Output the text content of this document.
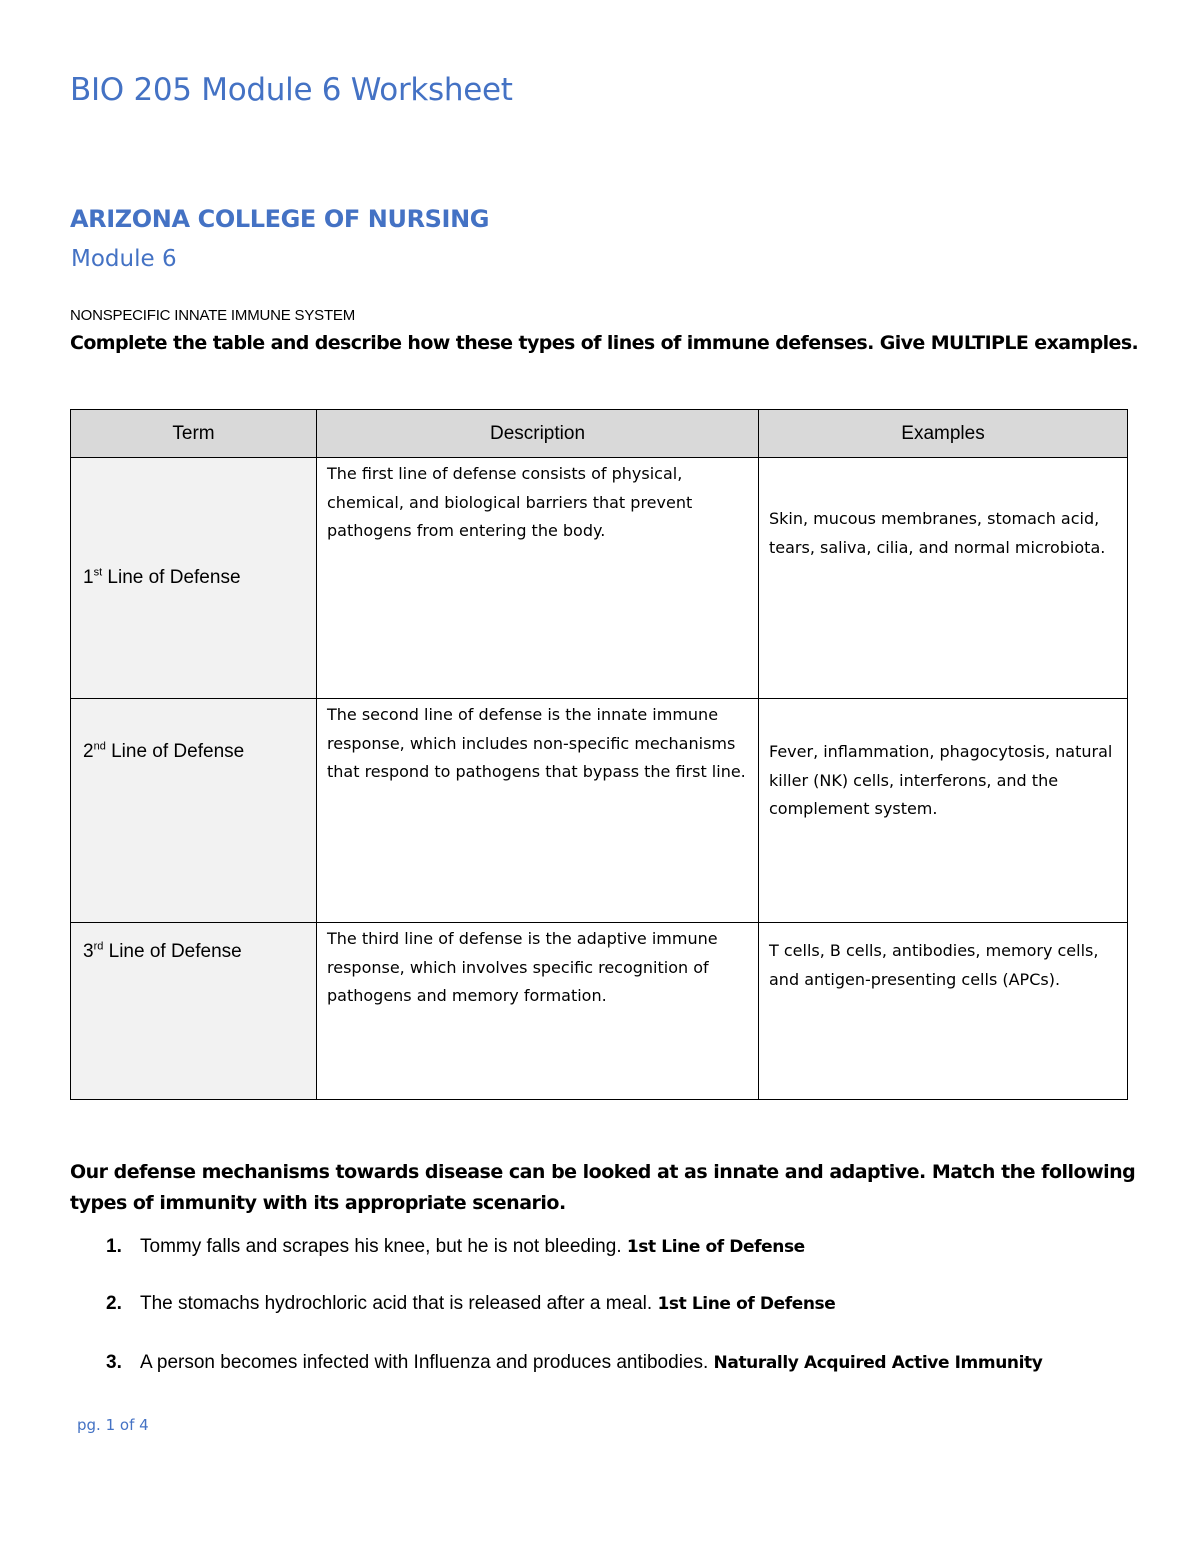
BIO 205 Module 6 Worksheet
ARIZONA COLLEGE OF NURSING
Module 6
NONSPECIFIC INNATE IMMUNE SYSTEM
Complete the table and describe how these types of lines of immune defenses. Give MULTIPLE examples.
Term	Description	Examples
1st Line of Defense	The first line of defense consists of physical, chemical, and biological barriers that prevent pathogens from entering the body.	Skin, mucous membranes, stomach acid, tears, saliva, cilia, and normal microbiota.
2nd Line of Defense	The second line of defense is the innate immune response, which includes non-specific mechanisms that respond to pathogens that bypass the first line.	Fever, inflammation, phagocytosis, natural killer (NK) cells, interferons, and the complement system.
3rd Line of Defense	The third line of defense is the adaptive immune response, which involves specific recognition of pathogens and memory formation.	T cells, B cells, antibodies, memory cells, and antigen-presenting cells (APCs).
Our defense mechanisms towards disease can be looked at as innate and adaptive. Match the following types of immunity with its appropriate scenario.
1. Tommy falls and scrapes his knee, but he is not bleeding. 1st Line of Defense
2. The stomachs hydrochloric acid that is released after a meal. 1st Line of Defense
3. A person becomes infected with Influenza and produces antibodies. Naturally Acquired Active Immunity
pg. 1 of 4
